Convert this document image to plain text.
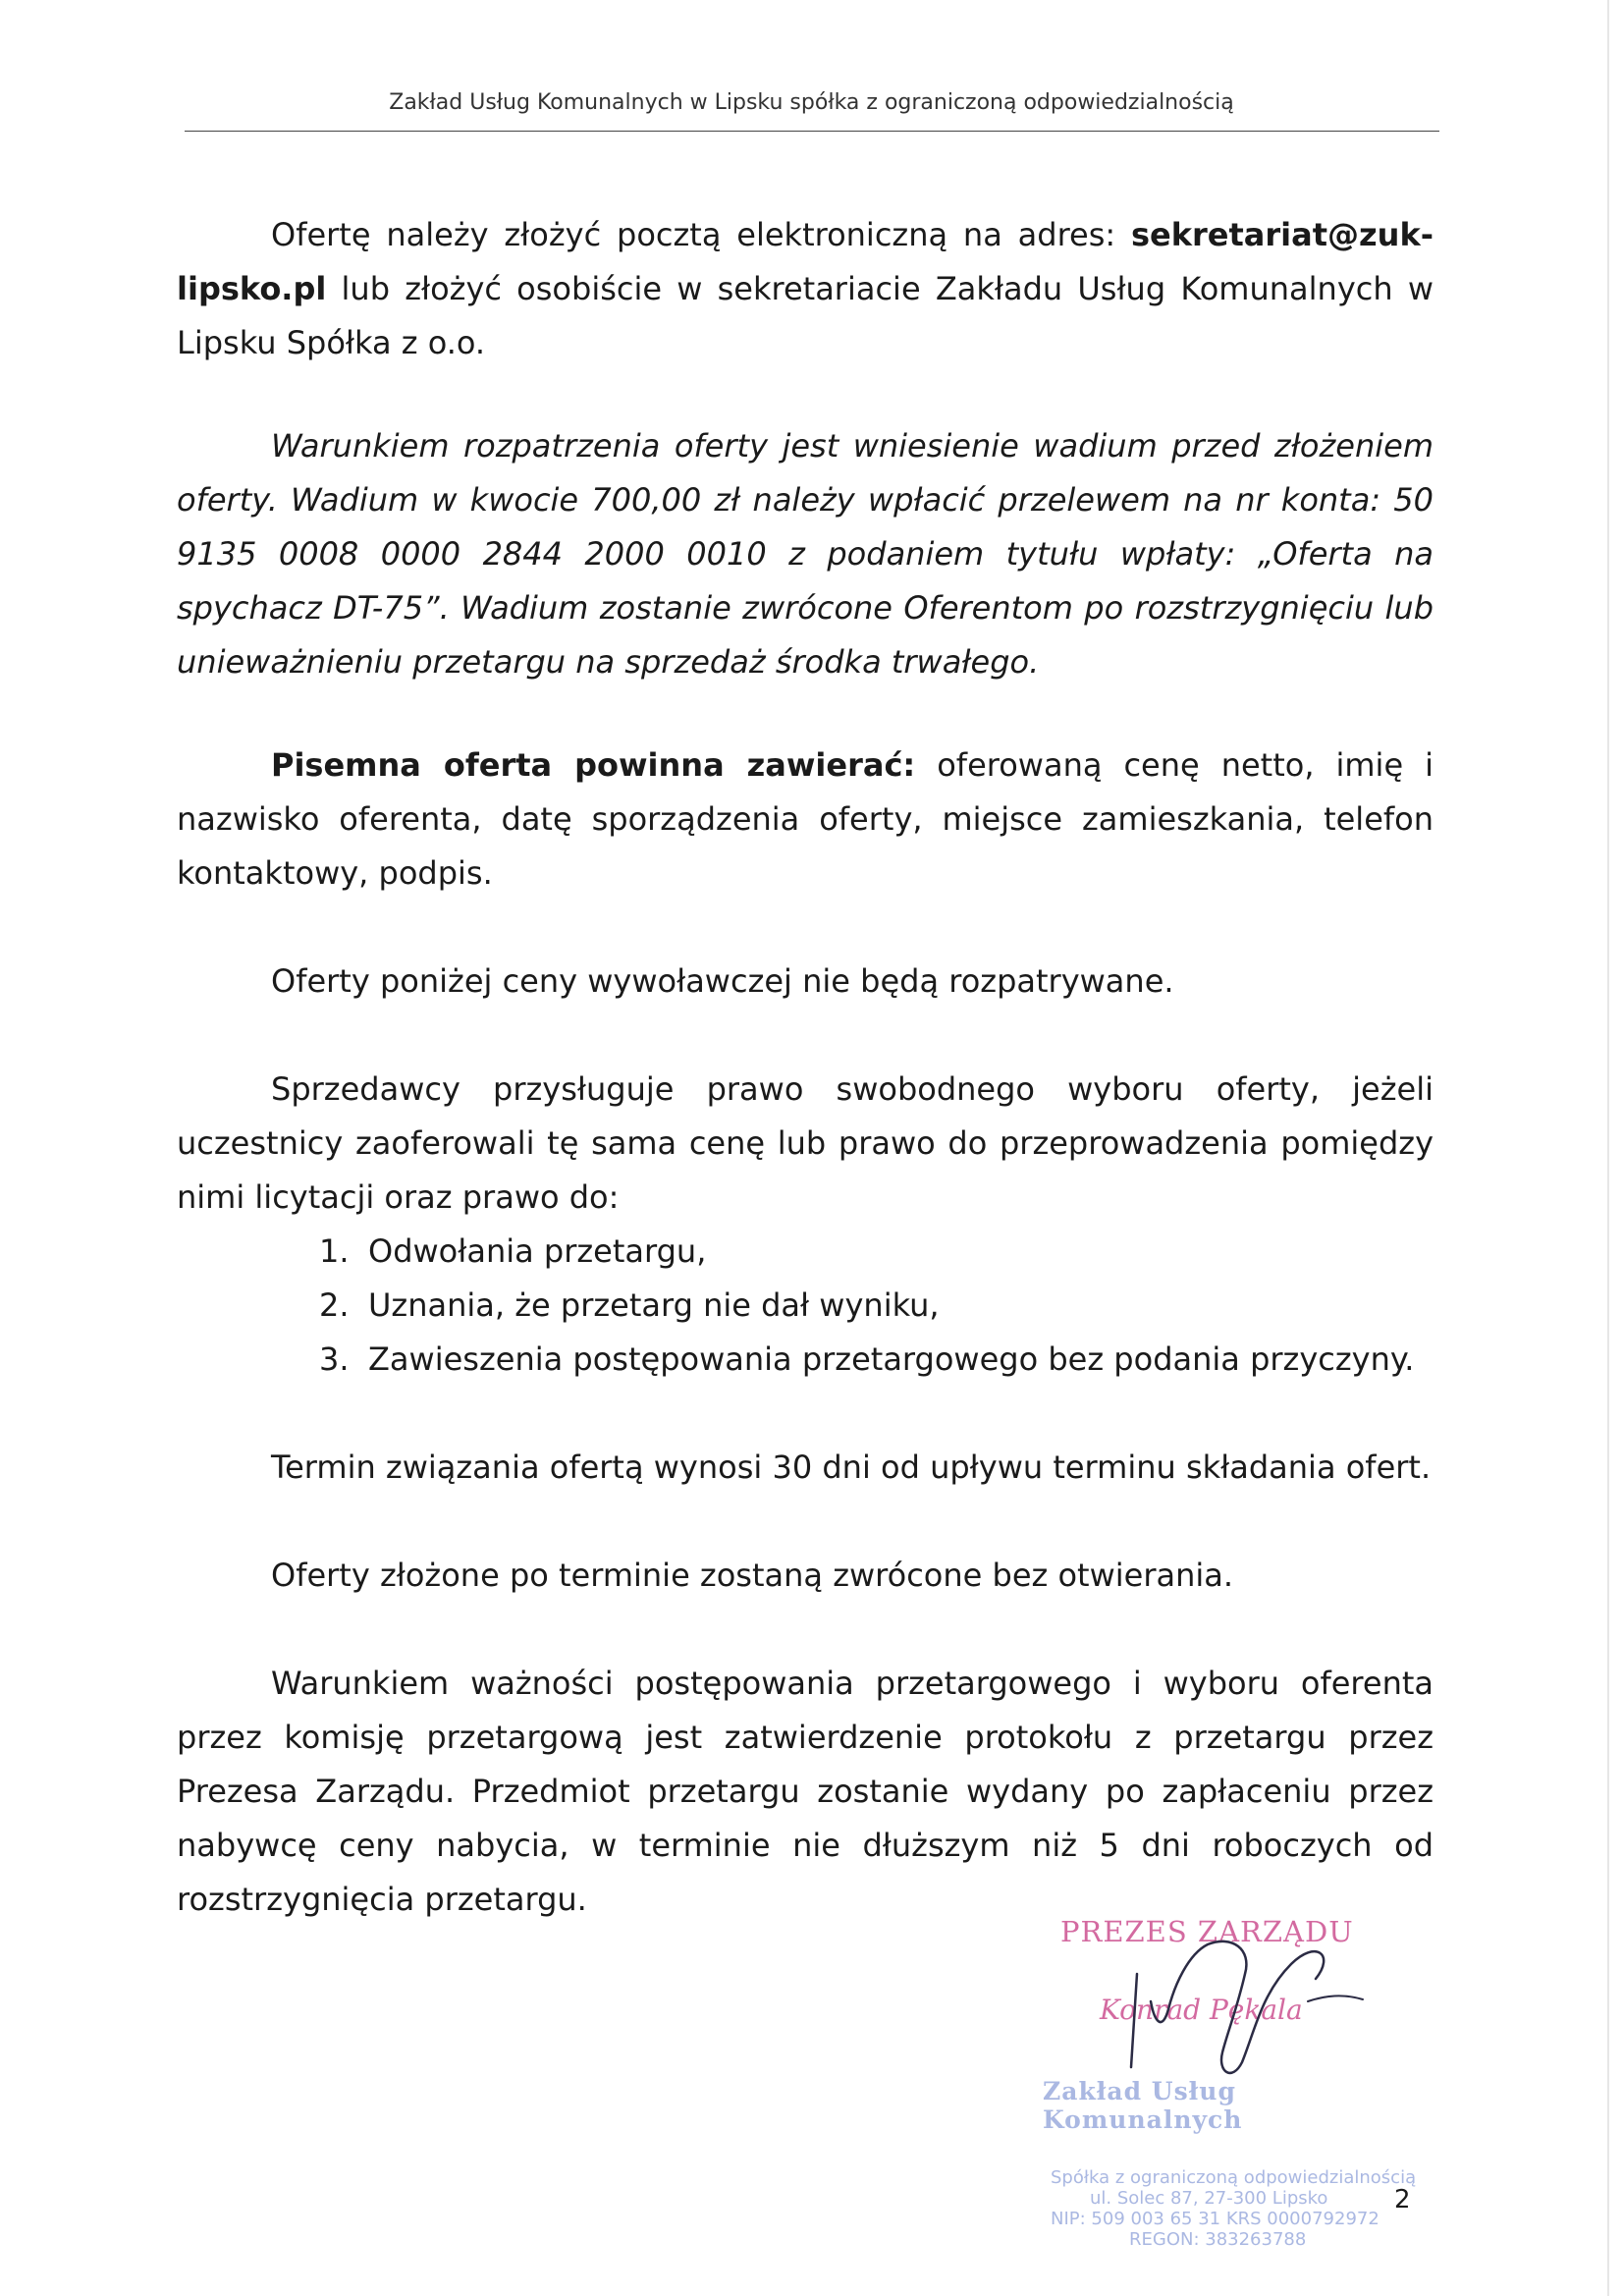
Zakład Usług Komunalnych w Lipsku spółka z ograniczoną odpowiedzialnością

Ofertę należy złożyć pocztą elektroniczną na adres: sekretariat@zuk-lipsko.pl lub złożyć osobiście w sekretariacie Zakładu Usług Komunalnych w Lipsku Spółka z o.o.

Warunkiem rozpatrzenia oferty jest wniesienie wadium przed złożeniem oferty. Wadium w kwocie 700,00 zł należy wpłacić przelewem na nr konta: 50 9135 0008 0000 2844 2000 0010 z podaniem tytułu wpłaty: „Oferta na spychacz DT-75”. Wadium zostanie zwrócone Oferentom po rozstrzygnięciu lub unieważnieniu przetargu na sprzedaż środka trwałego.

Pisemna oferta powinna zawierać: oferowaną cenę netto, imię i nazwisko oferenta, datę sporządzenia oferty, miejsce zamieszkania, telefon kontaktowy, podpis.

Oferty poniżej ceny wywoławczej nie będą rozpatrywane.

Sprzedawcy przysługuje prawo swobodnego wyboru oferty, jeżeli uczestnicy zaoferowali tę sama cenę lub prawo do przeprowadzenia pomiędzy nimi licytacji oraz prawo do:

1. Odwołania przetargu,
2. Uznania, że przetarg nie dał wyniku,
3. Zawieszenia postępowania przetargowego bez podania przyczyny.

Termin związania ofertą wynosi 30 dni od upływu terminu składania ofert.

Oferty złożone po terminie zostaną zwrócone bez otwierania.

Warunkiem ważności postępowania przetargowego i wyboru oferenta przez komisję przetargową jest zatwierdzenie protokołu z przetargu przez Prezesa Zarządu. Przedmiot przetargu zostanie wydany po zapłaceniu przez nabywcę ceny nabycia, w terminie nie dłuższym niż 5 dni roboczych od rozstrzygnięcia przetargu.

PREZES ZARZĄDU
Konrad Pękala
Zakład Usług Komunalnych
Spółka z ograniczoną odpowiedzialnością
ul. Solec 87, 27-300 Lipsko
NIP: 509 003 65 31 KRS 0000792972
REGON: 383263788
2
